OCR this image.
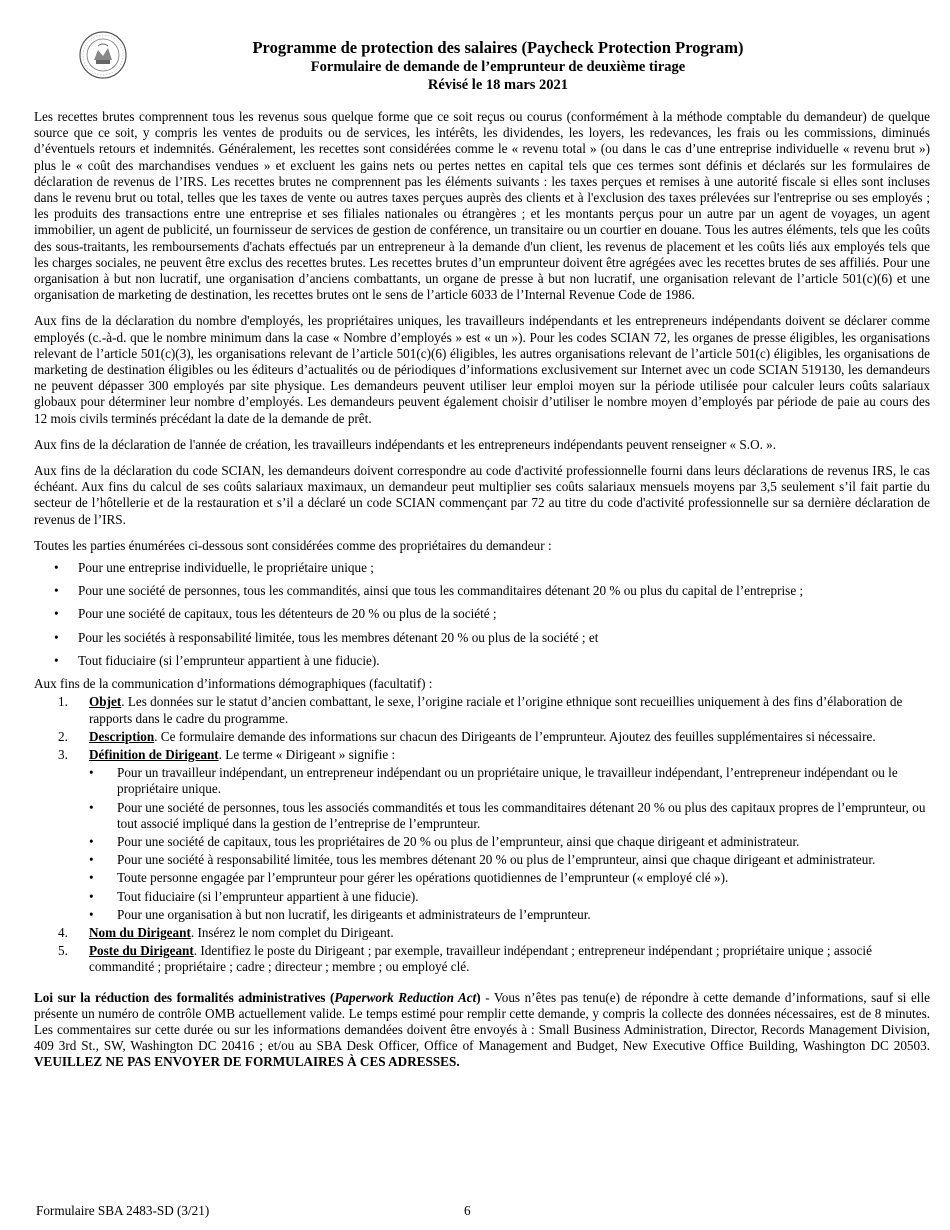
Programme de protection des salaires (Paycheck Protection Program)
Formulaire de demande de l’emprunteur de deuxième tirage
Révisé le 18 mars 2021

Les recettes brutes comprennent tous les revenus sous quelque forme que ce soit reçus ou courus (conformément à la méthode comptable du demandeur) de quelque source que ce soit, y compris les ventes de produits ou de services, les intérêts, les dividendes, les loyers, les redevances, les frais ou les commissions, diminués d’éventuels retours et indemnités. Généralement, les recettes sont considérées comme le « revenu total » (ou dans le cas d’une entreprise individuelle « revenu brut ») plus le « coût des marchandises vendues » et excluent les gains nets ou pertes nettes en capital tels que ces termes sont définis et déclarés sur les formulaires de déclaration de revenus de l’IRS. Les recettes brutes ne comprennent pas les éléments suivants : les taxes perçues et remises à une autorité fiscale si elles sont incluses dans le revenu brut ou total, telles que les taxes de vente ou autres taxes perçues auprès des clients et à l'exclusion des taxes prélevées sur l'entreprise ou ses employés ; les produits des transactions entre une entreprise et ses filiales nationales ou étrangères ; et les montants perçus pour un autre par un agent de voyages, un agent immobilier, un agent de publicité, un fournisseur de services de gestion de conférence, un transitaire ou un courtier en douane. Tous les autres éléments, tels que les coûts des sous-traitants, les remboursements d'achats effectués par un entrepreneur à la demande d'un client, les revenus de placement et les coûts liés aux employés tels que les charges sociales, ne peuvent être exclus des recettes brutes. Les recettes brutes d’un emprunteur doivent être agrégées avec les recettes brutes de ses affiliés. Pour une organisation à but non lucratif, une organisation d’anciens combattants, un organe de presse à but non lucratif, une organisation relevant de l’article 501(c)(6) et une organisation de marketing de destination, les recettes brutes ont le sens de l’article 6033 de l’Internal Revenue Code de 1986.

Aux fins de la déclaration du nombre d'employés, les propriétaires uniques, les travailleurs indépendants et les entrepreneurs indépendants doivent se déclarer comme employés (c.-à-d. que le nombre minimum dans la case « Nombre d’employés » est « un »). Pour les codes SCIAN 72, les organes de presse éligibles, les organisations relevant de l’article 501(c)(3), les organisations relevant de l’article 501(c)(6) éligibles, les autres organisations relevant de l’article 501(c) éligibles, les organisations de marketing de destination éligibles ou les éditeurs d’actualités ou de périodiques d’informations exclusivement sur Internet avec un code SCIAN 519130, les demandeurs ne peuvent dépasser 300 employés par site physique. Les demandeurs peuvent utiliser leur emploi moyen sur la période utilisée pour calculer leurs coûts salariaux globaux pour déterminer leur nombre d’employés. Les demandeurs peuvent également choisir d’utiliser le nombre moyen d’employés par période de paie au cours des 12 mois civils terminés précédant la date de la demande de prêt.

Aux fins de la déclaration de l'année de création, les travailleurs indépendants et les entrepreneurs indépendants peuvent renseigner « S.O. ».

Aux fins de la déclaration du code SCIAN, les demandeurs doivent correspondre au code d'activité professionnelle fourni dans leurs déclarations de revenus IRS, le cas échéant. Aux fins du calcul de ses coûts salariaux maximaux, un demandeur peut multiplier ses coûts salariaux mensuels moyens par 3,5 seulement s’il fait partie du secteur de l’hôtellerie et de la restauration et s’il a déclaré un code SCIAN commençant par 72 au titre du code d'activité professionnelle sur sa dernière déclaration de revenus de l’IRS.

Toutes les parties énumérées ci-dessous sont considérées comme des propriétaires du demandeur :

• Pour une entreprise individuelle, le propriétaire unique ;
• Pour une société de personnes, tous les commandités, ainsi que tous les commanditaires détenant 20 % ou plus du capital de l’entreprise ;
• Pour une société de capitaux, tous les détenteurs de 20 % ou plus de la société ;
• Pour les sociétés à responsabilité limitée, tous les membres détenant 20 % ou plus de la société ; et
• Tout fiduciaire (si l’emprunteur appartient à une fiducie).

Aux fins de la communication d’informations démographiques (facultatif) :

1. Objet. Les données sur le statut d’ancien combattant, le sexe, l’origine raciale et l’origine ethnique sont recueillies uniquement à des fins d’élaboration de rapports dans le cadre du programme.
2. Description. Ce formulaire demande des informations sur chacun des Dirigeants de l’emprunteur. Ajoutez des feuilles supplémentaires si nécessaire.
3. Définition de Dirigeant. Le terme « Dirigeant » signifie :
• Pour un travailleur indépendant, un entrepreneur indépendant ou un propriétaire unique, le travailleur indépendant, l’entrepreneur indépendant ou le propriétaire unique.
• Pour une société de personnes, tous les associés commandités et tous les commanditaires détenant 20 % ou plus des capitaux propres de l’emprunteur, ou tout associé impliqué dans la gestion de l’entreprise de l’emprunteur.
• Pour une société de capitaux, tous les propriétaires de 20 % ou plus de l’emprunteur, ainsi que chaque dirigeant et administrateur.
• Pour une société à responsabilité limitée, tous les membres détenant 20 % ou plus de l’emprunteur, ainsi que chaque dirigeant et administrateur.
• Toute personne engagée par l’emprunteur pour gérer les opérations quotidiennes de l’emprunteur (« employé clé »).
• Tout fiduciaire (si l’emprunteur appartient à une fiducie).
• Pour une organisation à but non lucratif, les dirigeants et administrateurs de l’emprunteur.
4. Nom du Dirigeant. Insérez le nom complet du Dirigeant.
5. Poste du Dirigeant. Identifiez le poste du Dirigeant ; par exemple, travailleur indépendant ; entrepreneur indépendant ; propriétaire unique ; associé commandité ; propriétaire ; cadre ; directeur ; membre ; ou employé clé.

Loi sur la réduction des formalités administratives (Paperwork Reduction Act) - Vous n’êtes pas tenu(e) de répondre à cette demande d’informations, sauf si elle présente un numéro de contrôle OMB actuellement valide. Le temps estimé pour remplir cette demande, y compris la collecte des données nécessaires, est de 8 minutes. Les commentaires sur cette durée ou sur les informations demandées doivent être envoyés à : Small Business Administration, Director, Records Management Division, 409 3rd St., SW, Washington DC 20416 ; et/ou au SBA Desk Officer, Office of Management and Budget, New Executive Office Building, Washington DC 20503. VEUILLEZ NE PAS ENVOYER DE FORMULAIRES À CES ADRESSES.

Formulaire SBA 2483-SD (3/21)	6
